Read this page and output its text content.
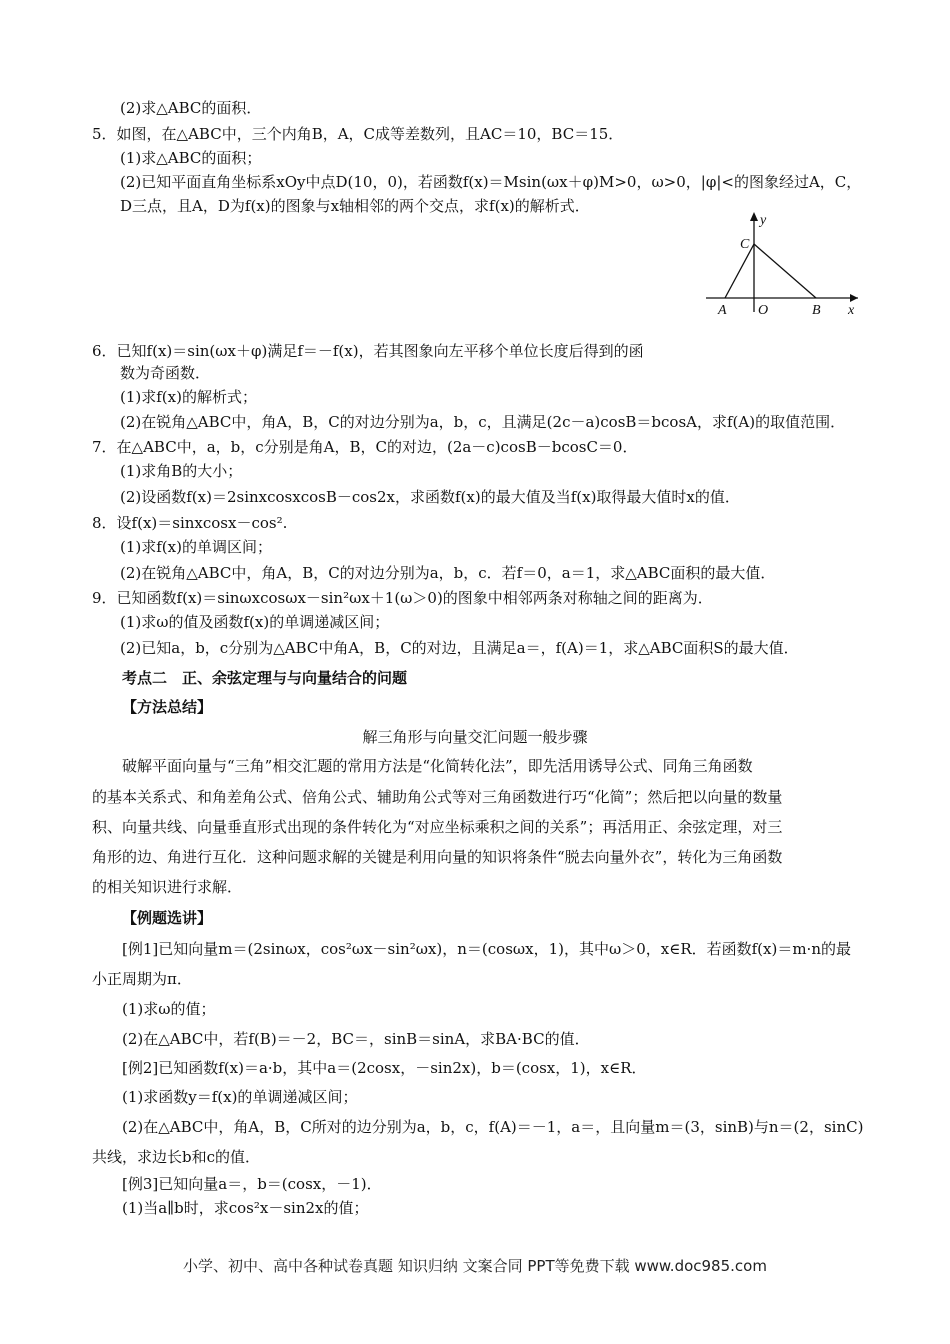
(2)求△ABC的面积．
5．如图，在△ABC中，三个内角B，A，C成等差数列，且AC＝10，BC＝15．
(1)求△ABC的面积；
(2)已知平面直角坐标系xOy中点D(10，0)，若函数f(x)＝Msin(ωx＋φ)M>0，ω>0，|φ|<的图象经过A，C，
D三点，且A，D为f(x)的图象与x轴相邻的两个交点，求f(x)的解析式．
A O	B
C
x
y
6．已知f(x)＝sin(ωx＋φ)满足f＝－f(x)，若其图象向左平移个单位长度后得到的函
数为奇函数．
(1)求f(x)的解析式；
(2)在锐角△ABC中，角A，B，C的对边分别为a，b，c，且满足(2c－a)cosB＝bcosA，求f(A)的取值范围．
7．在△ABC中，a，b，c分别是角A，B，C的对边，(2a－c)cosB－bcosC＝0．
(1)求角B的大小；
(2)设函数f(x)＝2sinxcosxcosB－cos2x，求函数f(x)的最大值及当f(x)取得最大值时x的值．
8．设f(x)＝sinxcosx－cos².
(1)求f(x)的单调区间；
(2)在锐角△ABC中，角A，B，C的对边分别为a，b，c．若f＝0，a＝1，求△ABC面积的最大值．
9．已知函数f(x)＝sinωxcosωx－sin²ωx＋1(ω＞0)的图象中相邻两条对称轴之间的距离为．
(1)求ω的值及函数f(x)的单调递减区间；
(2)已知a，b，c分别为△ABC中角A，B，C的对边，且满足a＝，f(A)＝1，求△ABC面积S的最大值．
考点二　正、余弦定理与与向量结合的问题
【方法总结】
解三角形与向量交汇问题一般步骤
破解平面向量与“三角”相交汇题的常用方法是“化简转化法”，即先活用诱导公式、同角三角函数
的基本关系式、和角差角公式、倍角公式、辅助角公式等对三角函数进行巧“化简”；然后把以向量的数量
积、向量共线、向量垂直形式出现的条件转化为“对应坐标乘积之间的关系”；再活用正、余弦定理，对三
角形的边、角进行互化．这种问题求解的关键是利用向量的知识将条件“脱去向量外衣”，转化为三角函数
的相关知识进行求解．
【例题选讲】
[例1]已知向量m＝(2sinωx，cos²ωx－sin²ωx)，n＝(cosωx，1)，其中ω＞0，x∈R．若函数f(x)＝m·n的最
小正周期为π．
(1)求ω的值；
(2)在△ABC中，若f(B)＝－2，BC＝，sinB＝sinA，求BA·BC的值．
[例2]已知函数f(x)＝a·b，其中a＝(2cosx，－sin2x)，b＝(cosx，1)，x∈R．
(1)求函数y＝f(x)的单调递减区间；
(2)在△ABC中，角A，B，C所对的边分别为a，b，c，f(A)＝－1，a＝，且向量m＝(3，sinB)与n＝(2，sinC)
共线，求边长b和c的值．
[例3]已知向量a＝，b＝(cosx，－1)．
(1)当a∥b时，求cos²x－sin2x的值；
小学、初中、高中各种试卷真题 知识归纳 文案合同 PPT等免费下载 www.doc985.com
